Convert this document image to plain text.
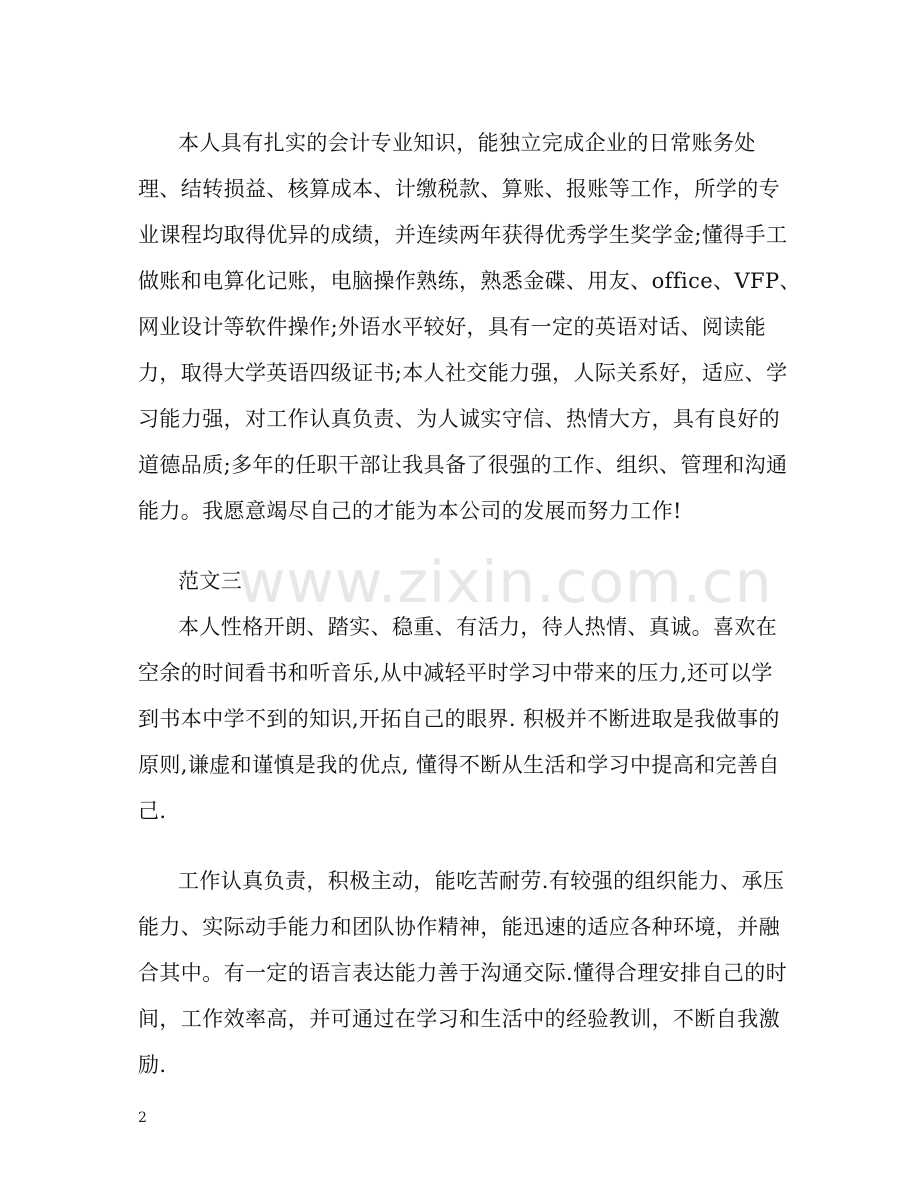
www.zixin.com.cn
本人具有扎实的会计专业知识，能独立完成企业的日常账务处
理、结转损益、核算成本、计缴税款、算账、报账等工作，所学的专
业课程均取得优异的成绩，并连续两年获得优秀学生奖学金;懂得手工
做账和电算化记账，电脑操作熟练，熟悉金碟、用友、office、VFP、
网业设计等软件操作;外语水平较好，具有一定的英语对话、阅读能
力，取得大学英语四级证书;本人社交能力强，人际关系好，适应、学
习能力强，对工作认真负责、为人诚实守信、热情大方，具有良好的
道德品质;多年的任职干部让我具备了很强的工作、组织、管理和沟通
能力。我愿意竭尽自己的才能为本公司的发展而努力工作!
范文三
本人性格开朗、踏实、稳重、有活力，待人热情、真诚。喜欢在
空余的时间看书和听音乐,从中减轻平时学习中带来的压力,还可以学
到书本中学不到的知识,开拓自己的眼界. 积极并不断进取是我做事的
原则,谦虚和谨慎是我的优点, 懂得不断从生活和学习中提高和完善自
己.
工作认真负责，积极主动，能吃苦耐劳.有较强的组织能力、承压
能力、实际动手能力和团队协作精神，能迅速的适应各种环境，并融
合其中。有一定的语言表达能力善于沟通交际.懂得合理安排自己的时
间，工作效率高，并可通过在学习和生活中的经验教训，不断自我激
励.
2
